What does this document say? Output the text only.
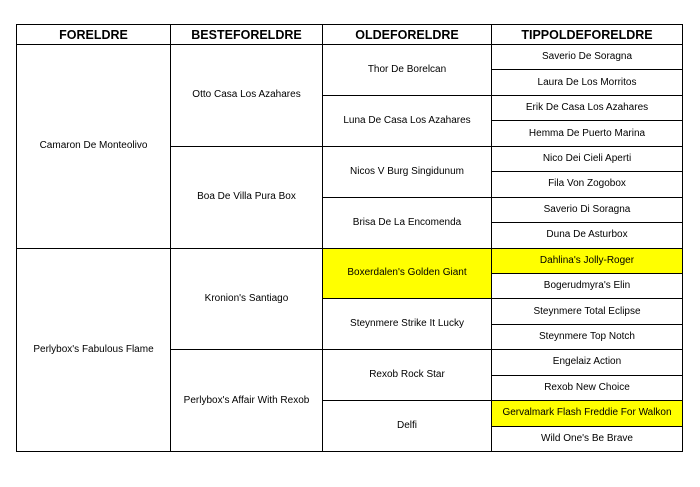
FORELDRE	BESTEFORELDRE	OLDEFORELDRE	TIPPOLDEFORELDRE
Camaron De Monteolivo	Otto Casa Los Azahares	Thor De Borelcan	Saverio De Soragna
			Laura De Los Morritos
		Luna De Casa Los Azahares	Erik De Casa Los Azahares
			Hemma De Puerto Marina
	Boa De Villa Pura Box	Nicos V Burg Singidunum	Nico Dei Cieli Aperti
			Fila Von Zogobox
		Brisa De La Encomenda	Saverio Di Soragna
			Duna De Asturbox
Perlybox's Fabulous Flame	Kronion's Santiago	Boxerdalen's Golden Giant	Dahlina's Jolly-Roger
			Bogerudmyra's Elin
		Steynmere Strike It Lucky	Steynmere Total Eclipse
			Steynmere Top Notch
	Perlybox's Affair With Rexob	Rexob Rock Star	Engelaiz Action
			Rexob New Choice
		Delfi	Gervalmark Flash Freddie For Walkon
			Wild One's Be Brave
